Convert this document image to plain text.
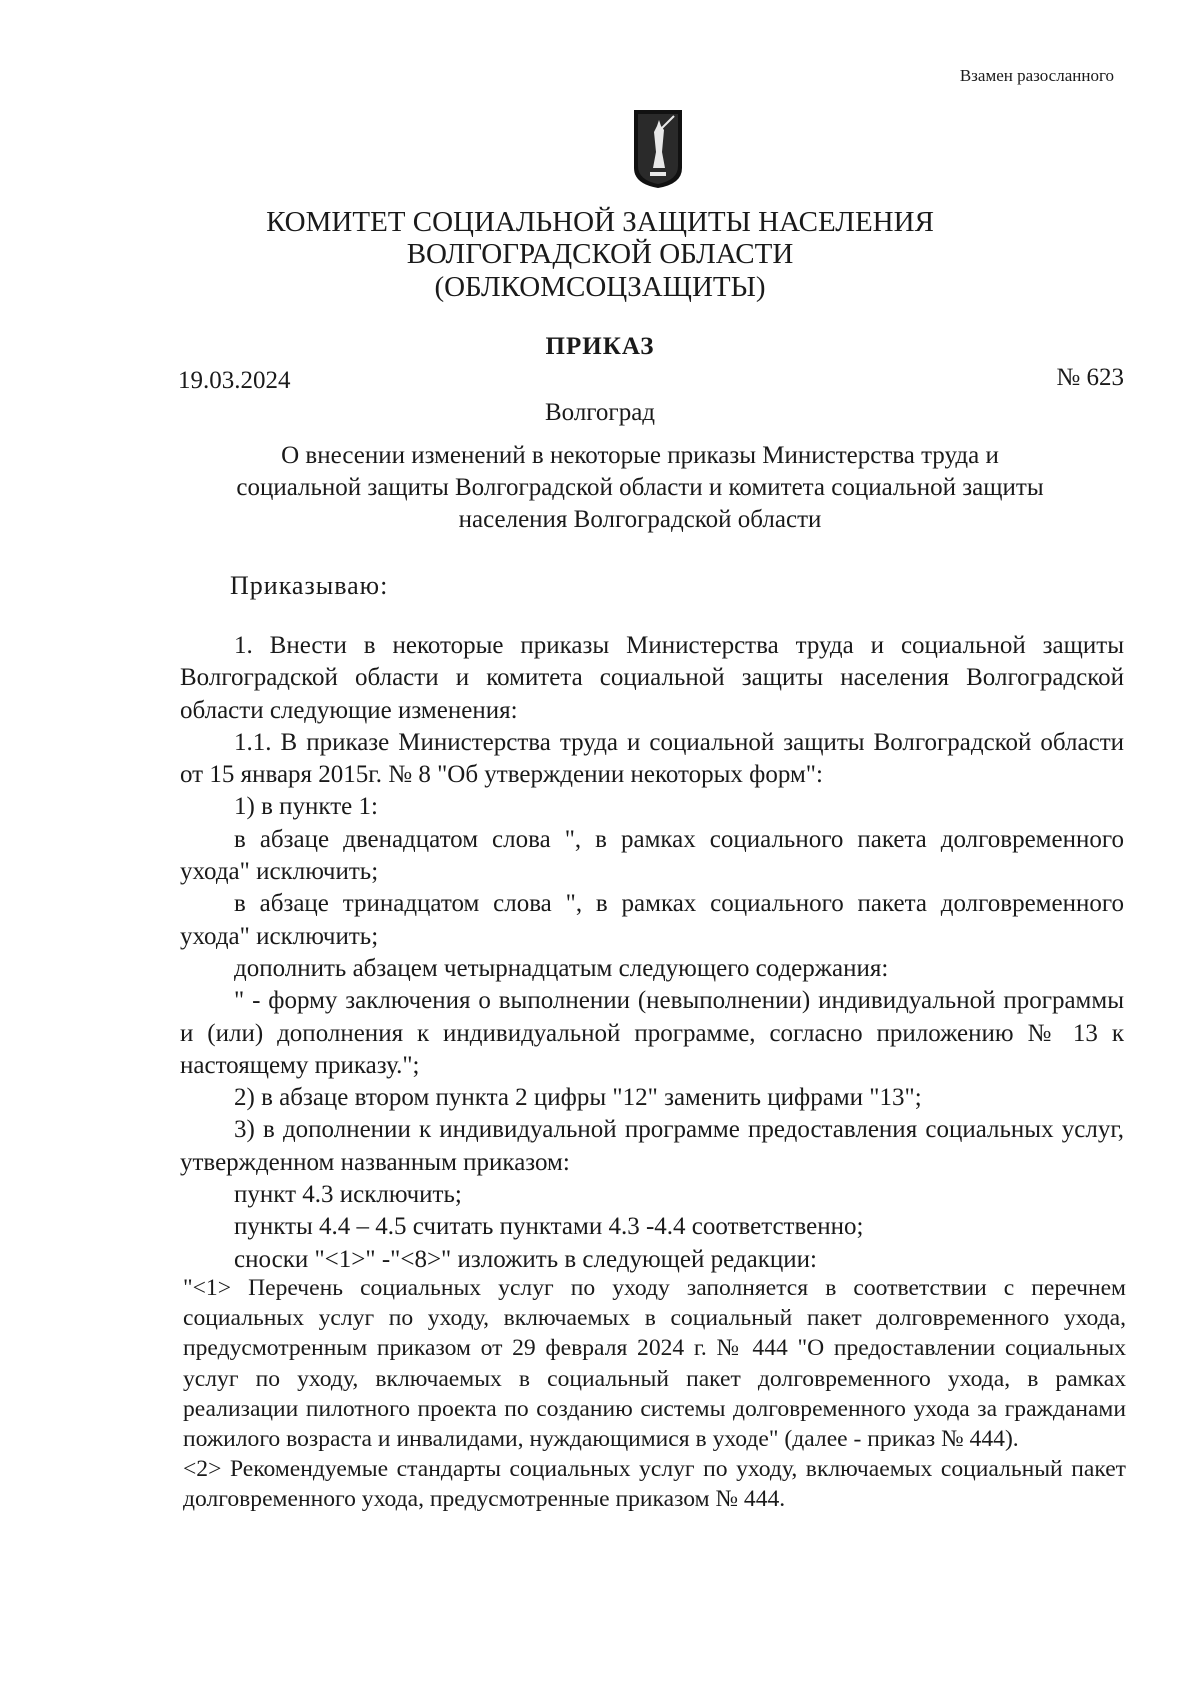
Взамен разосланного
КОМИТЕТ СОЦИАЛЬНОЙ ЗАЩИТЫ НАСЕЛЕНИЯ
ВОЛГОГРАДСКОЙ ОБЛАСТИ
(ОБЛКОМСОЦЗАЩИТЫ)
ПРИКАЗ
19.03.2024	№ 623
Волгоград
О внесении изменений в некоторые приказы Министерства труда и социальной защиты Волгоградской области и комитета социальной защиты населения Волгоградской области
Приказываю:

1. Внести в некоторые приказы Министерства труда и социальной защиты Волгоградской области и комитета социальной защиты населения Волгоградской области следующие изменения:

1.1. В приказе Министерства труда и социальной защиты Волгоградской области от 15 января 2015г. № 8 "Об утверждении некоторых форм":

1) в пункте 1:

в абзаце двенадцатом слова ", в рамках социального пакета долговременного ухода" исключить;

в абзаце тринадцатом слова ", в рамках социального пакета долговременного ухода" исключить;

дополнить абзацем четырнадцатым следующего содержания:

" - форму заключения о выполнении (невыполнении) индивидуальной программы и (или) дополнения к индивидуальной программе, согласно приложению № 13 к настоящему приказу.";

2) в абзаце втором пункта 2 цифры "12" заменить цифрами "13";

3) в дополнении к индивидуальной программе предоставления социальных услуг, утвержденном названным приказом:

пункт 4.3 исключить;

пункты 4.4 – 4.5 считать пунктами 4.3 -4.4 соответственно;

сноски "<1>" -"<8>" изложить в следующей редакции:

"<1> Перечень социальных услуг по уходу заполняется в соответствии с перечнем социальных услуг по уходу, включаемых в социальный пакет долговременного ухода, предусмотренным приказом от 29 февраля 2024 г. № 444 "О предоставлении социальных услуг по уходу, включаемых в социальный пакет долговременного ухода, в рамках реализации пилотного проекта по созданию системы долговременного ухода за гражданами пожилого возраста и инвалидами, нуждающимися в уходе" (далее - приказ № 444).

<2> Рекомендуемые стандарты социальных услуг по уходу, включаемых социальный пакет долговременного ухода, предусмотренные приказом № 444.
